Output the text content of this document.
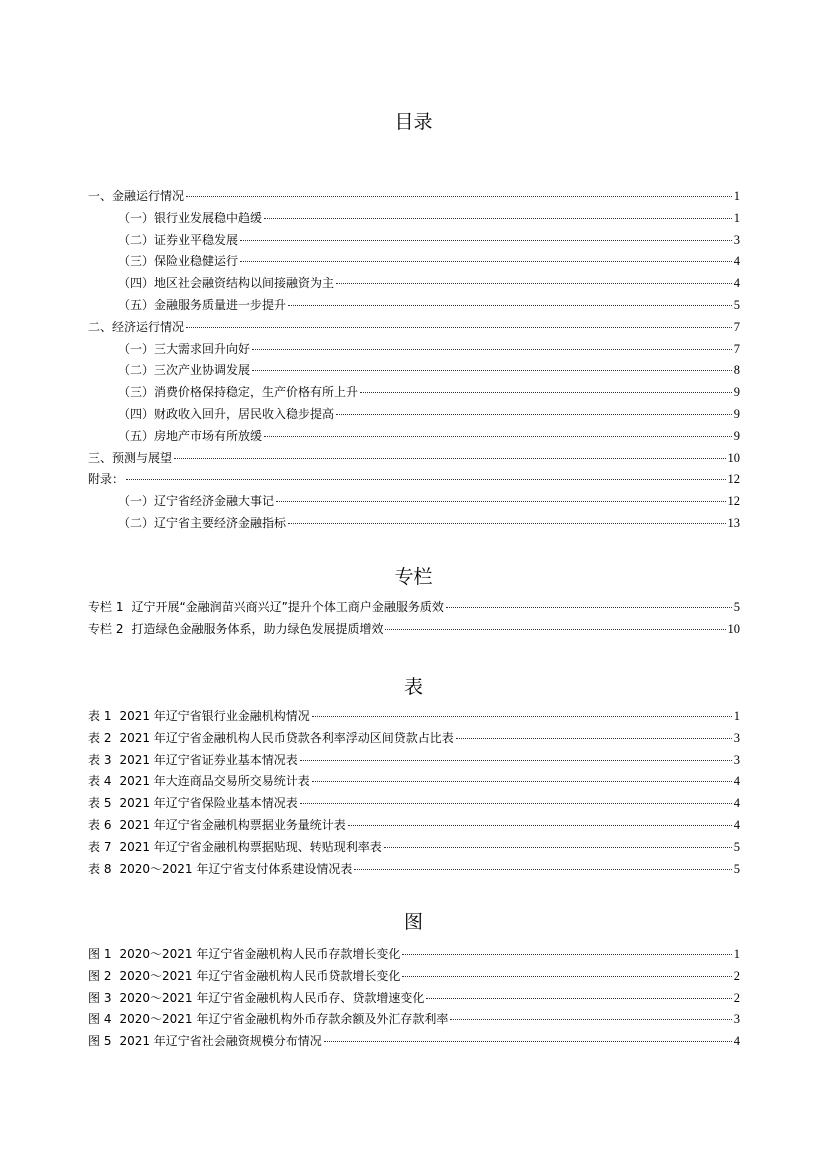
目录
一、金融运行情况	1
（一）银行业发展稳中趋缓	1
（二）证券业平稳发展	3
（三）保险业稳健运行	4
（四）地区社会融资结构以间接融资为主	4
（五）金融服务质量进一步提升	5
二、经济运行情况	7
（一）三大需求回升向好	7
（二）三次产业协调发展	8
（三）消费价格保持稳定，生产价格有所上升	9
（四）财政收入回升，居民收入稳步提高	9
（五）房地产市场有所放缓	9
三、预测与展望	10
附录：	12
（一）辽宁省经济金融大事记	12
（二）辽宁省主要经济金融指标	13
专栏
专栏 1 辽宁开展“金融润苗兴商兴辽”提升个体工商户金融服务质效	5
专栏 2 打造绿色金融服务体系，助力绿色发展提质增效	10
表
表 1 2021 年辽宁省银行业金融机构情况	1
表 2 2021 年辽宁省金融机构人民币贷款各利率浮动区间贷款占比表	3
表 3 2021 年辽宁省证券业基本情况表	3
表 4 2021 年大连商品交易所交易统计表	4
表 5 2021 年辽宁省保险业基本情况表	4
表 6 2021 年辽宁省金融机构票据业务量统计表	4
表 7 2021 年辽宁省金融机构票据贴现、转贴现利率表	5
表 8 2020～2021 年辽宁省支付体系建设情况表	5
图
图 1 2020～2021 年辽宁省金融机构人民币存款增长变化	1
图 2 2020～2021 年辽宁省金融机构人民币贷款增长变化	2
图 3 2020～2021 年辽宁省金融机构人民币存、贷款增速变化	2
图 4 2020～2021 年辽宁省金融机构外币存款余额及外汇存款利率	3
图 5 2021 年辽宁省社会融资规模分布情况	4
